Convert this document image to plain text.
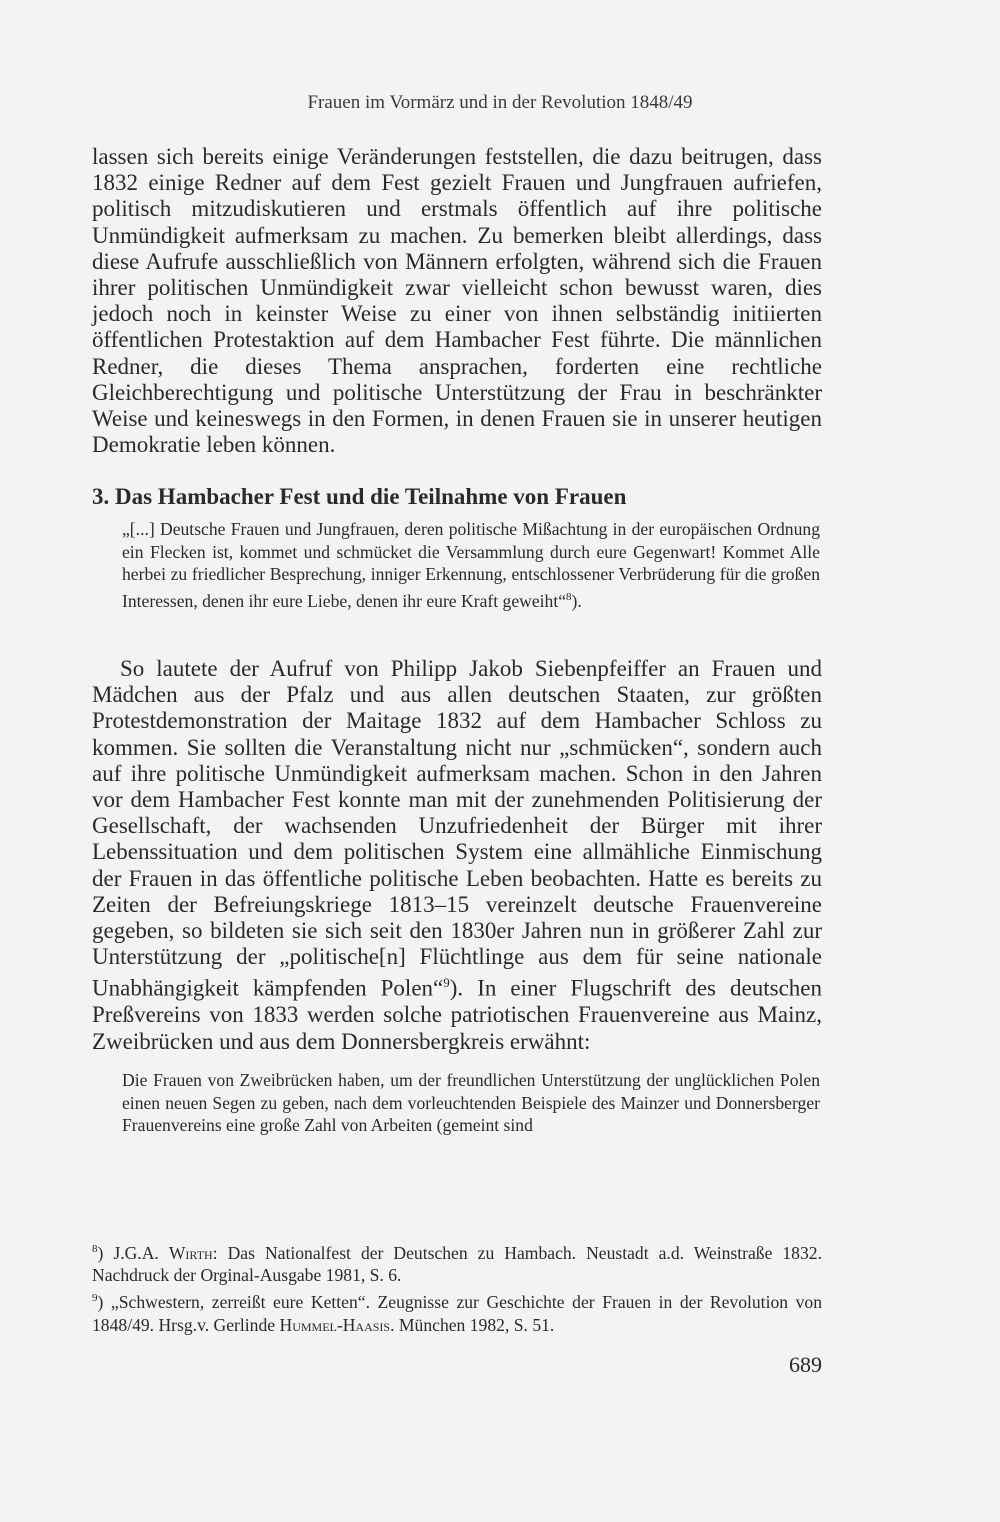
Frauen im Vormärz und in der Revolution 1848/49

lassen sich bereits einige Veränderungen feststellen, die dazu beitrugen, dass 1832 einige Redner auf dem Fest gezielt Frauen und Jungfrauen aufriefen, politisch mitzudiskutieren und erstmals öffentlich auf ihre politische Unmündigkeit aufmerksam zu machen. Zu bemerken bleibt allerdings, dass diese Aufrufe ausschließlich von Männern erfolgten, während sich die Frauen ihrer politischen Unmündigkeit zwar vielleicht schon bewusst waren, dies jedoch noch in keinster Weise zu einer von ihnen selbständig initiierten öffentlichen Protestaktion auf dem Hambacher Fest führte. Die männlichen Redner, die dieses Thema ansprachen, forderten eine rechtliche Gleichberechtigung und politische Unterstützung der Frau in beschränkter Weise und keineswegs in den Formen, in denen Frauen sie in unserer heutigen Demokratie leben können.

3. Das Hambacher Fest und die Teilnahme von Frauen

„[...] Deutsche Frauen und Jungfrauen, deren politische Mißachtung in der europäischen Ordnung ein Flecken ist, kommet und schmücket die Versammlung durch eure Gegenwart! Kommet Alle herbei zu friedlicher Besprechung, inniger Erkennung, entschlossener Verbrüderung für die großen Interessen, denen ihr eure Liebe, denen ihr eure Kraft geweiht“$^8$).

So lautete der Aufruf von Philipp Jakob Siebenpfeiffer an Frauen und Mädchen aus der Pfalz und aus allen deutschen Staaten, zur größten Protestdemonstration der Maitage 1832 auf dem Hambacher Schloss zu kommen. Sie sollten die Veranstaltung nicht nur „schmücken“, sondern auch auf ihre politische Unmündigkeit aufmerksam machen. Schon in den Jahren vor dem Hambacher Fest konnte man mit der zunehmenden Politisierung der Gesellschaft, der wachsenden Unzufriedenheit der Bürger mit ihrer Lebenssituation und dem politischen System eine allmähliche Einmischung der Frauen in das öffentliche politische Leben beobachten. Hatte es bereits zu Zeiten der Befreiungskriege 1813–15 vereinzelt deutsche Frauenvereine gegeben, so bildeten sie sich seit den 1830er Jahren nun in größerer Zahl zur Unterstützung der „politische[n] Flüchtlinge aus dem für seine nationale Unabhängigkeit kämpfenden Polen“$^9$). In einer Flugschrift des deutschen Preßvereins von 1833 werden solche patriotischen Frauenvereine aus Mainz, Zweibrücken und aus dem Donnersbergkreis erwähnt:

Die Frauen von Zweibrücken haben, um der freundlichen Unterstützung der unglücklichen Polen einen neuen Segen zu geben, nach dem vorleuchtenden Beispiele des Mainzer und Donnersberger Frauenvereins eine große Zahl von Arbeiten (gemeint sind

$^8$) J.G.A. Wirth: Das Nationalfest der Deutschen zu Hambach. Neustadt a.d. Weinstraße 1832. Nachdruck der Orginal-Ausgabe 1981, S. 6.
$^9$) „Schwestern, zerreißt eure Ketten“. Zeugnisse zur Geschichte der Frauen in der Revolution von 1848/49. Hrsg.v. Gerlinde Hummel-Haasis. München 1982, S. 51.
689
